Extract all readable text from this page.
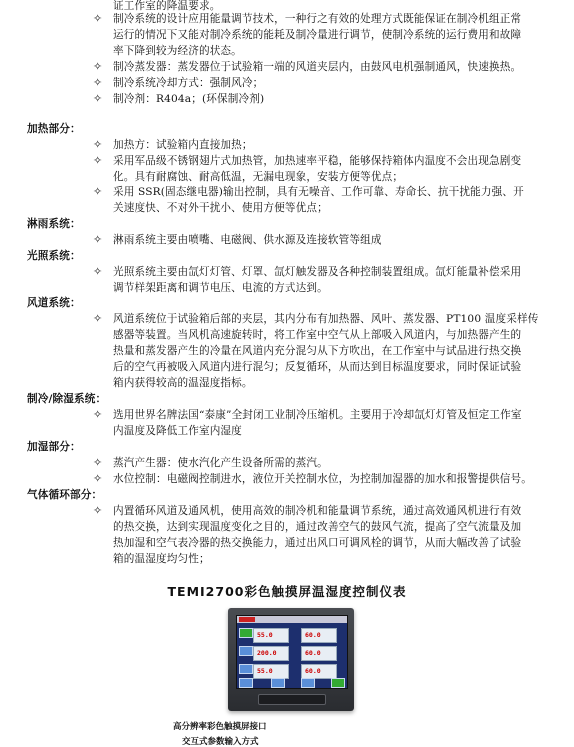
证工作室的降温要求。
✧ 制冷系统的设计应用能量调节技术，一种行之有效的处理方式既能保证在制冷机组正常
运行的情况下又能对制冷系统的能耗及制冷量进行调节，使制冷系统的运行费用和故障
率下降到较为经济的状态。
✧ 制冷蒸发器：蒸发器位于试验箱一端的风道夹层内，由鼓风电机强制通风，快速换热。
✧ 制冷系统冷却方式：强制风冷；
✧ 制冷剂：R404a；(环保制冷剂)
加热部分：
✧ 加热方：试验箱内直接加热；
✧ 采用军品级不锈钢翅片式加热管，加热速率平稳，能够保持箱体内温度不会出现急剧变
化。具有耐腐蚀、耐高低温，无漏电现象，安装方便等优点；
✧ 采用 SSR(固态继电器)输出控制，具有无噪音、工作可靠、寿命长、抗干扰能力强、开
关速度快、不对外干扰小、使用方便等优点；
淋雨系统：
✧ 淋雨系统主要由喷嘴、电磁阀、供水源及连接软管等组成
光照系统：
✧ 光照系统主要由氙灯灯管、灯罩、氙灯触发器及各种控制装置组成。氙灯能量补偿采用
调节样架距离和调节电压、电流的方式达到。
风道系统：
✧ 风道系统位于试验箱后部的夹层，其内分布有加热器、风叶、蒸发器、PT100 温度采样传
感器等装置。当风机高速旋转时，将工作室中空气从上部吸入风道内，与加热器产生的
热量和蒸发器产生的冷量在风道内充分混匀从下方吹出，在工作室中与试品进行热交换
后的空气再被吸入风道内进行混匀；反复循环，从而达到目标温度要求，同时保证试验
箱内获得较高的温湿度指标。
制冷/除湿系统：
✧ 选用世界名牌法国“泰康”全封闭工业制冷压缩机。主要用于冷却氙灯灯管及恒定工作室
内温度及降低工作室内湿度
加湿部分：
✧ 蒸汽产生器：使水汽化产生设备所需的蒸汽。
✧ 水位控制：电磁阀控制进水，液位开关控制水位，为控制加湿器的加水和报警提供信号。
气体循环部分：
✧ 内置循环风道及通风机，使用高效的制冷机和能量调节系统，通过高效通风机进行有效
的热交换，达到实现温度变化之目的，通过改善空气的鼓风气流，提高了空气流量及加
热加湿和空气表冷器的热交换能力，通过出风口可调风栓的调节，从而大幅改善了试验
箱的温湿度均匀性；
TEMI2700彩色触摸屏温湿度控制仪表
55.0	60.0
200.0	60.0
55.0	60.0
高分辨率彩色触摸屏接口
交互式参数输入方式
